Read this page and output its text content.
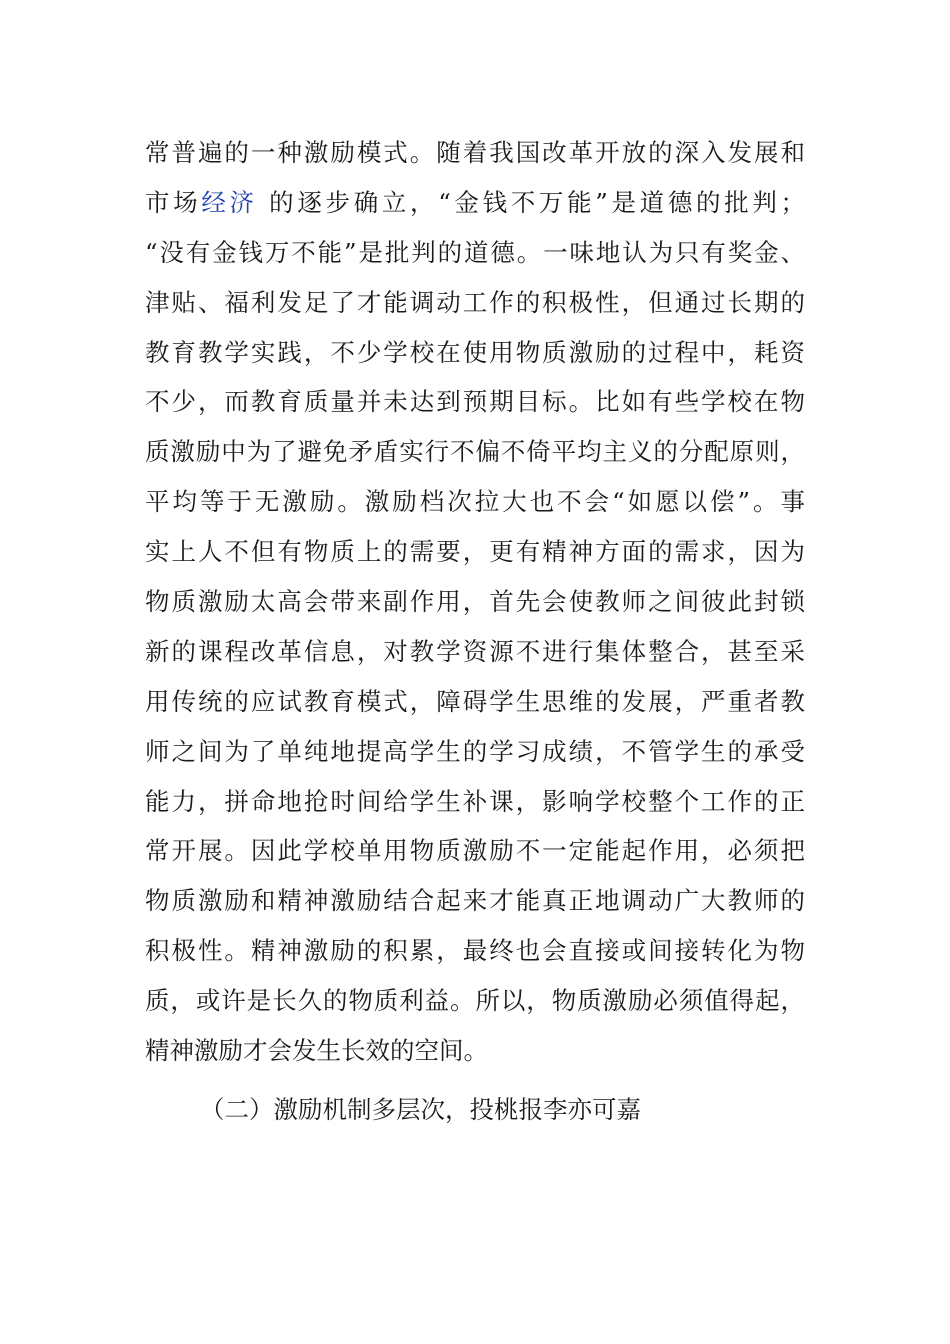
常普遍的一种激励模式。随着我国改革开放的深入发展和
市场经济 的逐步确立，“金钱不万能”是道德的批判；
“没有金钱万不能”是批判的道德。一味地认为只有奖金、
津贴、福利发足了才能调动工作的积极性，但通过长期的
教育教学实践，不少学校在使用物质激励的过程中，耗资
不少，而教育质量并未达到预期目标。比如有些学校在物
质激励中为了避免矛盾实行不偏不倚平均主义的分配原则，
平均等于无激励。激励档次拉大也不会“如愿以偿”。事
实上人不但有物质上的需要，更有精神方面的需求，因为
物质激励太高会带来副作用，首先会使教师之间彼此封锁
新的课程改革信息，对教学资源不进行集体整合，甚至采
用传统的应试教育模式，障碍学生思维的发展，严重者教
师之间为了单纯地提高学生的学习成绩，不管学生的承受
能力，拼命地抢时间给学生补课，影响学校整个工作的正
常开展。因此学校单用物质激励不一定能起作用，必须把
物质激励和精神激励结合起来才能真正地调动广大教师的
积极性。精神激励的积累，最终也会直接或间接转化为物
质，或许是长久的物质利益。所以，物质激励必须值得起，
精神激励才会发生长效的空间。
（二）激励机制多层次，投桃报李亦可嘉
